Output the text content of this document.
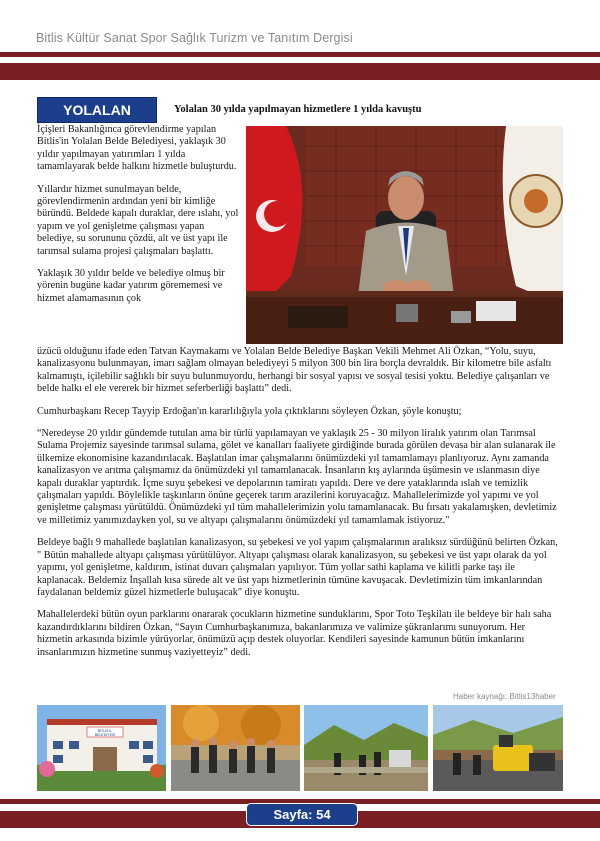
Bitlis Kültür Sanat Spor Sağlık Turizm ve Tanıtım Dergisi
YOLALAN	Yolalan 30 yılda yapılmayan hizmetlere 1 yılda kavuştu

İçişleri Bakanlığınca görevlendirme yapılan Bitlis'in Yolalan Belde Belediyesi, yaklaşık 30 yıldır yapılmayan yatırımları 1 yılda tamamlayarak belde halkını hizmetle buluşturdu.

Yıllardır hizmet sunulmayan belde, görevlendirmenin ardından yeni bir kimliğe büründü. Beldede kapalı duraklar, dere ıslahı, yol yapım ve yol genişletme çalışması yapan belediye, su sorununu çözdü, alt ve üst yapı ile tarımsal sulama projesi çalışmaları başlattı.

Yaklaşık 30 yıldır belde ve belediye olmuş bir yörenin bugüne kadar yatırım görememesi ve hizmet alamamasının çok

üzücü olduğunu ifade eden Tatvan Kaymakamı ve Yolalan Belde Belediye Başkan Vekili Mehmet Ali Özkan, “Yolu, suyu, kanalizasyonu bulunmayan, imarı sağlam olmayan belediyeyi 5 milyon 300 bin lira borçla devraldık. Bir kilometre bile asfaltı kalmamıştı, içilebilir sağlıklı bir suyu bulunmuyordu, herhangi bir sosyal yapısı ve sosyal tesisi yoktu. Belediye çalışanları ve belde halkı el ele vererek bir hizmet seferberliği başlattı” dedi.

Cumhurbaşkanı Recep Tayyip Erdoğan'ın kararlılığıyla yola çıktıklarını söyleyen Özkan, şöyle konuştu;

“Neredeyse 20 yıldır gündemde tutulan ama bir türlü yapılamayan ve yaklaşık 25 - 30 milyon liralık yatırım olan Tarımsal Sulama Projemiz sayesinde tarımsal sulama, gölet ve kanalları faaliyete girdiğinde burada görülen devasa bir alan sulanarak ile ülkemize ekonomisine kazandırılacak. Başlatılan imar çalışmalarını önümüzdeki yıl tamamlamayı planlıyoruz. Aynı zamanda kanalizasyon ve arıtma çalışmamız da önümüzdeki yıl tamamlanacak. İnsanların kış aylarında üşümesin ve ıslanmasın diye kapalı duraklar yaptırdık. İçme suyu şebekesi ve depolarının tamiratı yapıldı. Dere ve dere yataklarında ıslah ve temizlik çalışmaları yapıldı. Böylelikle taşkınların önüne geçerek tarım arazilerini koruyacağız. Mahallelerimizde yol yapımı ve yol genişletme çalışması yürütüldü. Önümüzdeki yıl tüm mahallelerimizin yolu tamamlanacak. Bu fırsatı yakalamışken, devletimiz ve milletimiz yanımızdayken yol, su ve altyapı çalışmalarını önümüzdeki yıl tamamlamak istiyoruz."

Beldeye bağlı 9 mahallede başlatılan kanalizasyon, su şebekesi ve yol yapım çalışmalarının aralıksız sürdüğünü belirten Özkan, " Bütün mahallede altyapı çalışması yürütülüyor. Altyapı çalışması olarak kanalizasyon, su şebekesi ve üst yapı olarak da yol yapımı, yol genişletme, kaldırım, istinat duvarı çalışmaları yapılıyor. Tüm yollar sathi kaplama ve kilitli parke taşı ile kaplanacak. Beldemiz İnşallah kısa sürede alt ve üst yapı hizmetlerinin tümüne kavuşacak. Devletimizin tüm imkanlarından faydalanan beldemiz güzel hizmetlerle buluşacak" diye konuştu.

Mahallelerdeki bütün oyun parklarını onararak çocukların hizmetine sunduklarını, Spor Toto Teşkilatı ile beldeye bir halı saha kazandırdıklarını bildiren Özkan, “Sayın Cumhurbaşkanımıza, bakanlarımıza ve valimize şükranlarımı sunuyorum. Her hizmetin arkasında bizimle yürüyorlar, önümüzü açıp destek oluyorlar. Kendileri sayesinde kamunun bütün imkanlarını insanlarımızın hizmetine sunmuş vaziyetteyiz” dedi.

Haber kaynağı: Bitlis13haber
BİTLİS İL
BELEDİYESİ
Sayfa: 54
